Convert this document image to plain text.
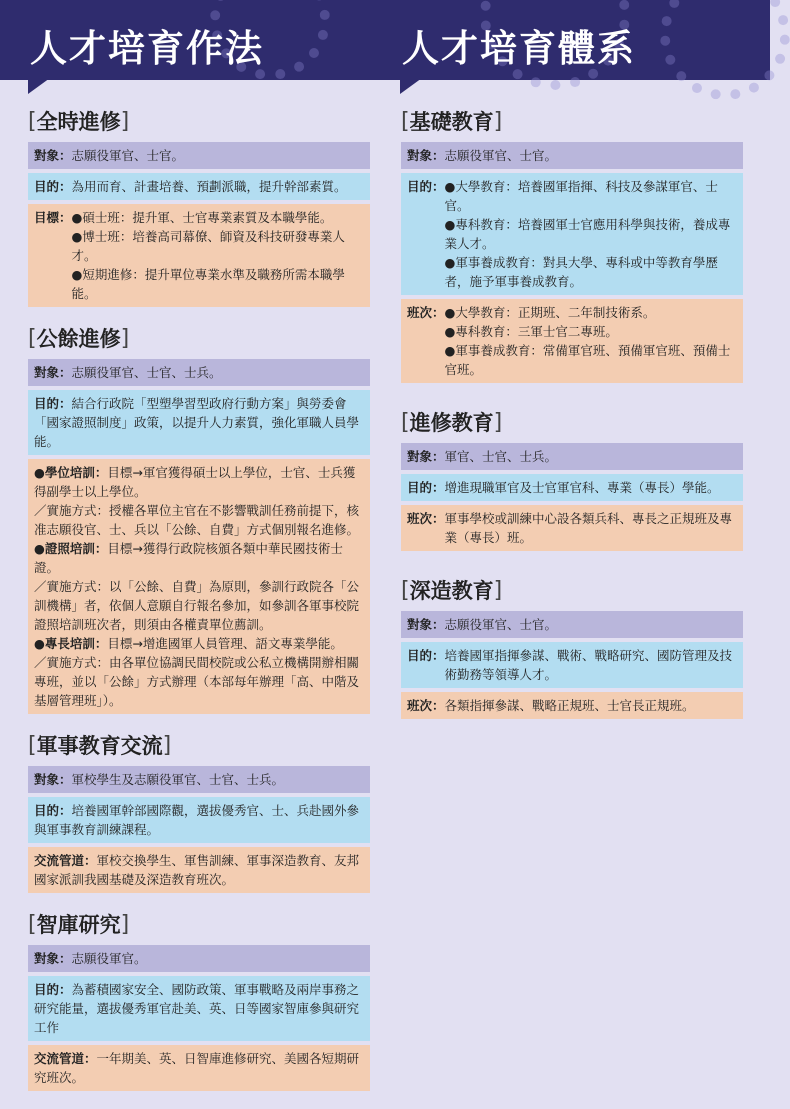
人才培育作法	人才培育體系
[ 全時進修 ]
對象：志願役軍官、士官。
目的：為用而育、計畫培養、預劃派職，提升幹部素質。
目標： ●碩士班：提升軍、士官專業素質及本職學能。
●博士班：培養高司幕僚、師資及科技研發專業人才。
●短期進修：提升單位專業水準及職務所需本職學能。
[ 公餘進修 ]
對象：志願役軍官、士官、士兵。
目的：結合行政院「型塑學習型政府行動方案」與勞委會「國家證照制度」政策，以提升人力素質，強化軍職人員學能。
●學位培訓：目標→軍官獲得碩士以上學位，士官、士兵獲得副學士以上學位。
／實施方式：授權各單位主官在不影響戰訓任務前提下，核准志願役官、士、兵以「公餘、自費」方式個別報名進修。
●證照培訓：目標→獲得行政院核頒各類中華民國技術士證。
／實施方式：以「公餘、自費」為原則，參訓行政院各「公訓機構」者，依個人意願自行報名參加，如參訓各軍事校院證照培訓班次者，則須由各權責單位薦訓。
●專長培訓：目標→增進國軍人員管理、語文專業學能。
／實施方式：由各單位協調民間校院或公私立機構開辦相關專班，並以「公餘」方式辦理（本部每年辦理「高、中階及基層管理班」）。
[ 軍事教育交流 ]
對象：軍校學生及志願役軍官、士官、士兵。
目的：培養國軍幹部國際觀，選拔優秀官、士、兵赴國外參與軍事教育訓練課程。
交流管道：軍校交換學生、軍售訓練、軍事深造教育、友邦國家派訓我國基礎及深造教育班次。
[ 智庫研究 ]
對象：志願役軍官。
目的：為蓄積國家安全、國防政策、軍事戰略及兩岸事務之研究能量，選拔優秀軍官赴美、英、日等國家智庫參與研究工作
交流管道：一年期美、英、日智庫進修研究、美國各短期研究班次。
[ 基礎教育 ]
對象：志願役軍官、士官。
目的： ●大學教育：培養國軍指揮、科技及參謀軍官、士官。
●專科教育：培養國軍士官應用科學與技術，養成專業人才。
●軍事養成教育：對具大學、專科或中等教育學歷者，施予軍事養成教育。
班次： ●大學教育：正期班、二年制技術系。
●專科教育：三軍士官二專班。
●軍事養成教育：常備軍官班、預備軍官班、預備士官班。
[ 進修教育 ]
對象：軍官、士官、士兵。
目的：增進現職軍官及士官軍官科、專業（專長）學能。
班次： 軍事學校或訓練中心設各類兵科、專長之正規班及專業（專長）班。
[ 深造教育 ]
對象：志願役軍官、士官。
目的： 培養國軍指揮參謀、戰術、戰略研究、國防管理及技術勤務等領導人才。
班次：各類指揮參謀、戰略正規班、士官長正規班。
